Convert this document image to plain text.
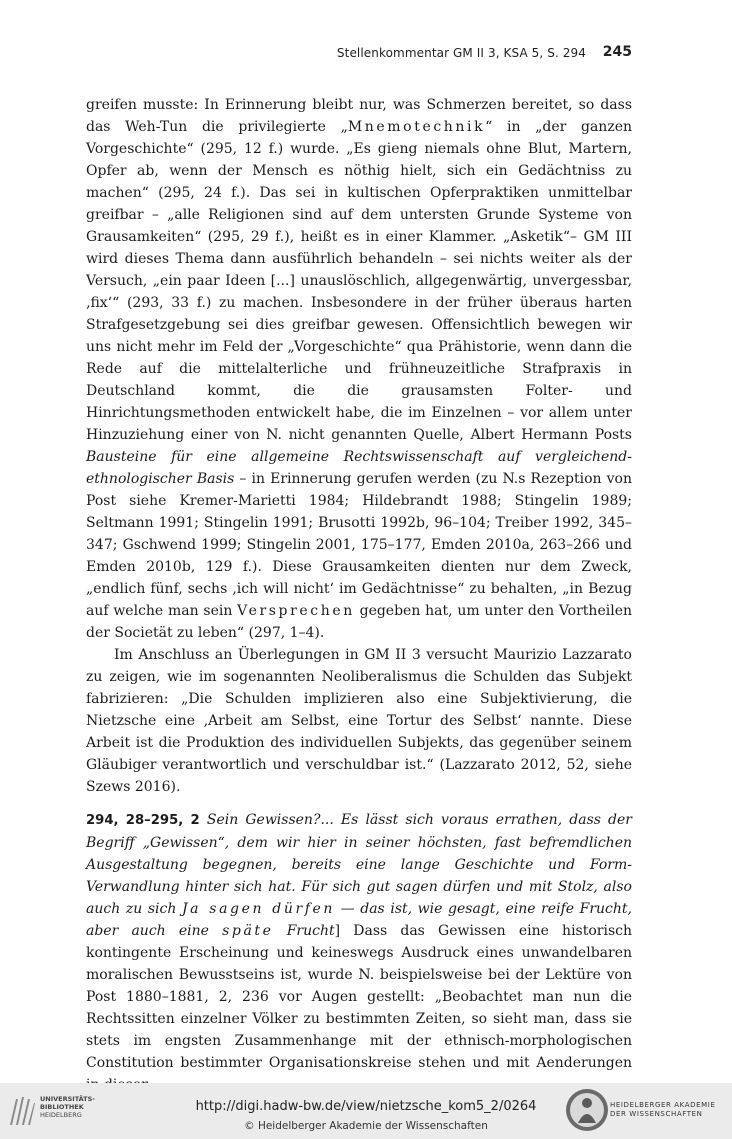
Stellenkommentar GM II 3, KSA 5, S. 294 245

greifen musste: In Erinnerung bleibt nur, was Schmerzen bereitet, so dass das Weh-Tun die privilegierte „Mnemotechnik“ in „der ganzen Vorgeschichte“ (295, 12 f.) wurde. „Es gieng niemals ohne Blut, Martern, Opfer ab, wenn der Mensch es nöthig hielt, sich ein Gedächtniss zu machen“ (295, 24 f.). Das sei in kultischen Opferpraktiken unmittelbar greifbar – „alle Religionen sind auf dem untersten Grunde Systeme von Grausamkeiten“ (295, 29 f.), heißt es in einer Klammer. „Asketik“– GM III wird dieses Thema dann ausführlich behandeln – sei nichts weiter als der Versuch, „ein paar Ideen [...] unauslöschlich, allgegenwärtig, unvergessbar, ‚fix‘“ (293, 33 f.) zu machen. Insbesondere in der früher überaus harten Strafgesetzgebung sei dies greifbar gewesen. Offensichtlich bewegen wir uns nicht mehr im Feld der „Vorgeschichte“ qua Prähistorie, wenn dann die Rede auf die mittelalterliche und frühneuzeitliche Strafpraxis in Deutschland kommt, die die grausamsten Folter- und Hinrichtungsmethoden entwickelt habe, die im Einzelnen – vor allem unter Hinzuziehung einer von N. nicht genannten Quelle, Albert Hermann Posts Bausteine für eine allgemeine Rechtswissenschaft auf vergleichend-ethnologischer Basis – in Erinnerung gerufen werden (zu N.s Rezeption von Post siehe Kremer-Marietti 1984; Hildebrandt 1988; Stingelin 1989; Seltmann 1991; Stingelin 1991; Brusotti 1992b, 96–104; Treiber 1992, 345–347; Gschwend 1999; Stingelin 2001, 175–177, Emden 2010a, 263–266 und Emden 2010b, 129 f.). Diese Grausamkeiten dienten nur dem Zweck, „endlich fünf, sechs ‚ich will nicht‘ im Gedächtnisse“ zu behalten, „in Bezug auf welche man sein Versprechen gegeben hat, um unter den Vortheilen der Societät zu leben“ (297, 1–4).

Im Anschluss an Überlegungen in GM II 3 versucht Maurizio Lazzarato zu zeigen, wie im sogenannten Neoliberalismus die Schulden das Subjekt fabrizieren: „Die Schulden implizieren also eine Subjektivierung, die Nietzsche eine ‚Arbeit am Selbst, eine Tortur des Selbst‘ nannte. Diese Arbeit ist die Produktion des individuellen Subjekts, das gegenüber seinem Gläubiger verantwortlich und verschuldbar ist.“ (Lazzarato 2012, 52, siehe Szews 2016).

294, 28–295, 2 Sein Gewissen?... Es lässt sich voraus errathen, dass der Begriff „Gewissen“, dem wir hier in seiner höchsten, fast befremdlichen Ausgestaltung begegnen, bereits eine lange Geschichte und Form-Verwandlung hinter sich hat. Für sich gut sagen dürfen und mit Stolz, also auch zu sich Ja sagen dürfen — das ist, wie gesagt, eine reife Frucht, aber auch eine späte Frucht] Dass das Gewissen eine historisch kontingente Erscheinung und keineswegs Ausdruck eines unwandelbaren moralischen Bewusstseins ist, wurde N. beispielsweise bei der Lektüre von Post 1880–1881, 2, 236 vor Augen gestellt: „Beobachtet man nun die Rechtssitten einzelner Völker zu bestimmten Zeiten, so sieht man, dass sie stets im engsten Zusammenhange mit der ethnisch-morphologischen Constitution bestimmter Organisationskreise stehen und mit Aenderungen

UNIVERSITÄTS-
BIBLIOTHEK
HEIDELBERG
http://digi.hadw-bw.de/view/nietzsche_kom5_2/0264
© Heidelberger Akademie der Wissenschaften
HEIDELBERGER AKADEMIE
DER WISSENSCHAFTEN
